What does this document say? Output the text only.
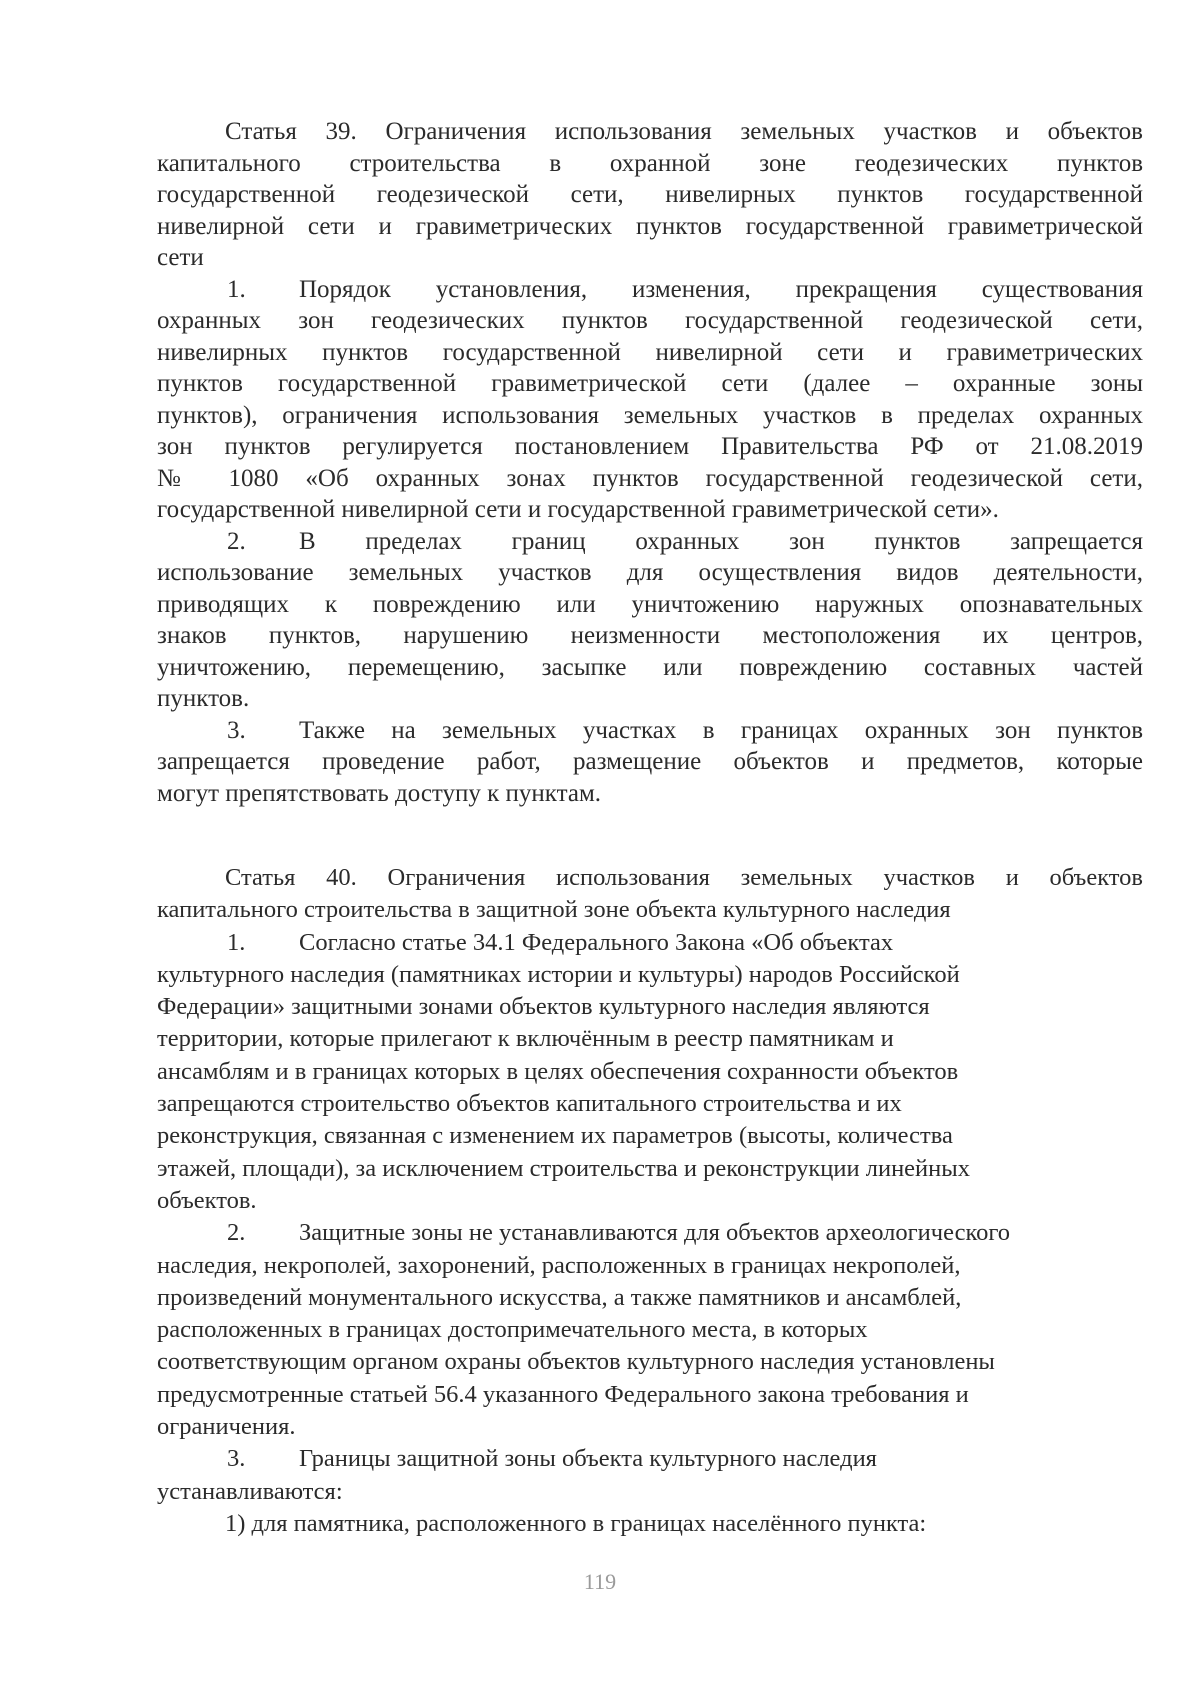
Статья 39. Ограничения использования земельных участков и объектов
капитального строительства в охранной зоне геодезических пунктов
государственной геодезической сети, нивелирных пунктов государственной
нивелирной сети и гравиметрических пунктов государственной гравиметрической
сети
1. Порядок установления, изменения, прекращения существования
охранных зон геодезических пунктов государственной геодезической сети,
нивелирных пунктов государственной нивелирной сети и гравиметрических
пунктов государственной гравиметрической сети (далее – охранные зоны
пунктов), ограничения использования земельных участков в пределах охранных
зон пунктов регулируется постановлением Правительства РФ от 21.08.2019
№ 1080 «Об охранных зонах пунктов государственной геодезической сети,
государственной нивелирной сети и государственной гравиметрической сети».
2. В пределах границ охранных зон пунктов запрещается
использование земельных участков для осуществления видов деятельности,
приводящих к повреждению или уничтожению наружных опознавательных
знаков пунктов, нарушению неизменности местоположения их центров,
уничтожению, перемещению, засыпке или повреждению составных частей
пунктов.
3. Также на земельных участках в границах охранных зон пунктов
запрещается проведение работ, размещение объектов и предметов, которые
могут препятствовать доступу к пунктам.
Статья 40. Ограничения использования земельных участков и объектов
капитального строительства в защитной зоне объекта культурного наследия
1. Согласно статье 34.1 Федерального Закона «Об объектах
культурного наследия (памятниках истории и культуры) народов Российской
Федерации» защитными зонами объектов культурного наследия являются
территории, которые прилегают к включённым в реестр памятникам и
ансамблям и в границах которых в целях обеспечения сохранности объектов
запрещаются строительство объектов капитального строительства и их
реконструкция, связанная с изменением их параметров (высоты, количества
этажей, площади), за исключением строительства и реконструкции линейных
объектов.
2. Защитные зоны не устанавливаются для объектов археологического
наследия, некрополей, захоронений, расположенных в границах некрополей,
произведений монументального искусства, а также памятников и ансамблей,
расположенных в границах достопримечательного места, в которых
соответствующим органом охраны объектов культурного наследия установлены
предусмотренные статьей 56.4 указанного Федерального закона требования и
ограничения.
3. Границы защитной зоны объекта культурного наследия
устанавливаются:
1) для памятника, расположенного в границах населённого пункта:
119
